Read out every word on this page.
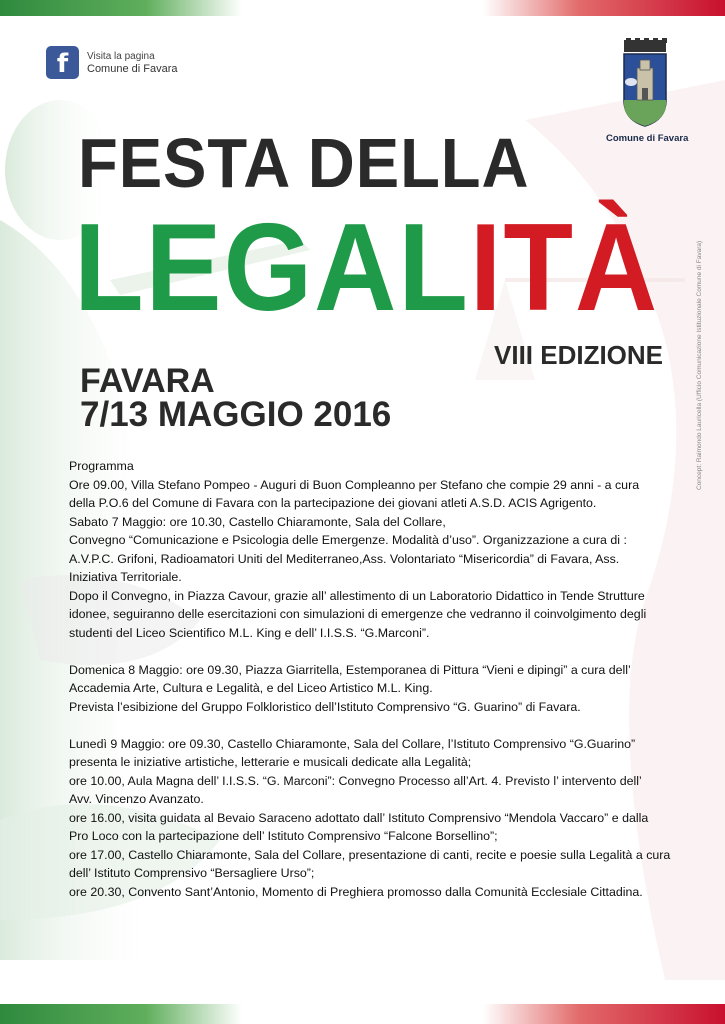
f	Visita la pagina
Comune di Favara
Comune di Favara
FESTA DELLA
LEGALITÀ
VIII EDIZIONE
FAVARA
7/13 MAGGIO 2016	Concept: Raimondo Lauricella (Ufficio Comunicazione Istituzionale Comune di Favara)

Programma

Ore 09.00, Villa Stefano Pompeo - Auguri di Buon Compleanno per Stefano che compie 29 anni - a cura

della P.O.6 del Comune di Favara con la partecipazione dei giovani atleti A.S.D. ACIS Agrigento.

Sabato 7 Maggio: ore 10.30, Castello Chiaramonte, Sala del Collare,

Convegno “Comunicazione e Psicologia delle Emergenze. Modalità d’uso”. Organizzazione a cura di :

A.V.P.C. Grifoni, Radioamatori Uniti del Mediterraneo,Ass. Volontariato “Misericordia” di Favara, Ass.

Iniziativa Territoriale.

Dopo il Convegno, in Piazza Cavour, grazie all’ allestimento di un Laboratorio Didattico in Tende Strutture

idonee, seguiranno delle esercitazioni con simulazioni di emergenze che vedranno il coinvolgimento degli

studenti del Liceo Scientifico M.L. King e dell’ I.I.S.S. “G.Marconi”.

Domenica 8 Maggio: ore 09.30, Piazza Giarritella, Estemporanea di Pittura “Vieni e dipingi” a cura dell’

Accademia Arte, Cultura e Legalità, e del Liceo Artistico M.L. King.

Prevista l’esibizione del Gruppo Folkloristico dell’Istituto Comprensivo “G. Guarino” di Favara.

Lunedì 9 Maggio: ore 09.30, Castello Chiaramonte, Sala del Collare, l’Istituto Comprensivo “G.Guarino”

presenta le iniziative artistiche, letterarie e musicali dedicate alla Legalità;

ore 10.00, Aula Magna dell’ I.I.S.S. “G. Marconi”: Convegno Processo all’Art. 4. Previsto l’ intervento dell’

Avv. Vincenzo Avanzato.

ore 16.00, visita guidata al Bevaio Saraceno adottato dall’ Istituto Comprensivo “Mendola Vaccaro” e dalla

Pro Loco con la partecipazione dell’ Istituto Comprensivo “Falcone Borsellino”;

ore 17.00, Castello Chiaramonte, Sala del Collare, presentazione di canti, recite e poesie sulla Legalità a cura

dell’ Istituto Comprensivo “Bersagliere Urso”;

ore 20.30, Convento Sant’Antonio, Momento di Preghiera promosso dalla Comunità Ecclesiale Cittadina.
